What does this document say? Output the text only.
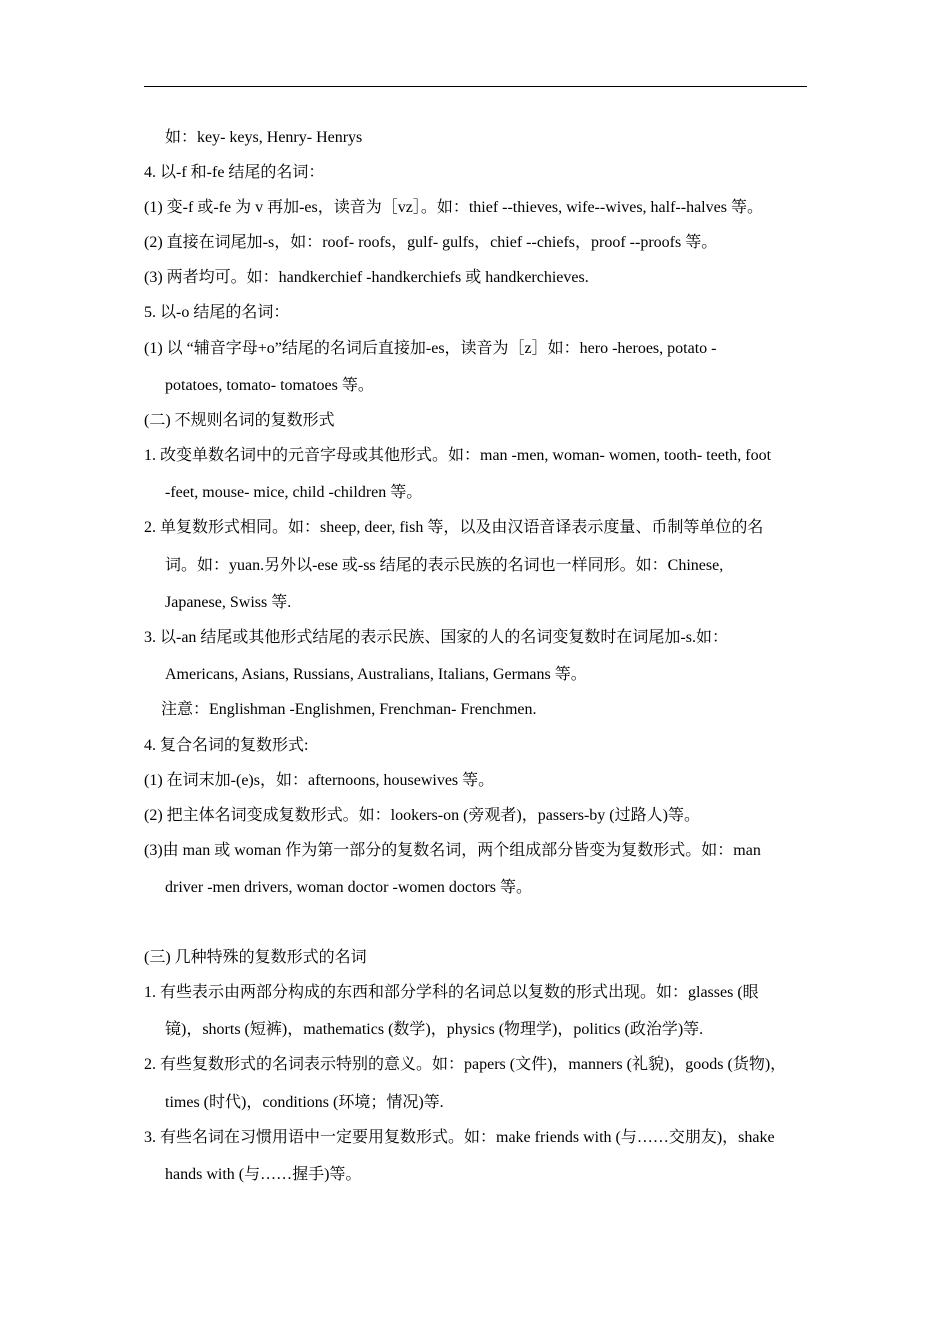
如：key- keys, Henry- Henrys
4. 以-f 和-fe 结尾的名词：
(1) 变-f 或-fe 为 v 再加-es，读音为［vz］。如：thief --thieves, wife--wives, half--halves 等。
(2) 直接在词尾加-s，如：roof- roofs，gulf- gulfs，chief --chiefs，proof --proofs 等。
(3) 两者均可。如：handkerchief -handkerchiefs 或 handkerchieves.
5. 以-o 结尾的名词：
(1) 以 “辅音字母+o”结尾的名词后直接加-es，读音为［z］如：hero -heroes, potato -
potatoes, tomato- tomatoes 等。
(二) 不规则名词的复数形式
1. 改变单数名词中的元音字母或其他形式。如：man -men, woman- women, tooth- teeth, foot
-feet, mouse- mice, child -children 等。
2. 单复数形式相同。如：sheep, deer, fish 等，以及由汉语音译表示度量、币制等单位的名
词。如：yuan.另外以-ese 或-ss 结尾的表示民族的名词也一样同形。如：Chinese,
Japanese, Swiss 等.
3. 以-an 结尾或其他形式结尾的表示民族、国家的人的名词变复数时在词尾加-s.如：
Americans, Asians, Russians, Australians, Italians, Germans 等。
注意：Englishman -Englishmen, Frenchman- Frenchmen.
4. 复合名词的复数形式:
(1) 在词末加-(e)s，如：afternoons, housewives 等。
(2) 把主体名词变成复数形式。如：lookers-on (旁观者)，passers-by (过路人)等。
(3)由 man 或 woman 作为第一部分的复数名词，两个组成部分皆变为复数形式。如：man
driver -men drivers, woman doctor -women doctors 等。
(三) 几种特殊的复数形式的名词
1. 有些表示由两部分构成的东西和部分学科的名词总以复数的形式出现。如：glasses (眼
镜)，shorts (短裤)，mathematics (数学)，physics (物理学)，politics (政治学)等.
2. 有些复数形式的名词表示特别的意义。如：papers (文件)，manners (礼貌)，goods (货物)，
times (时代)，conditions (环境；情况)等.
3. 有些名词在习惯用语中一定要用复数形式。如：make friends with (与……交朋友)，shake
hands with (与……握手)等。
